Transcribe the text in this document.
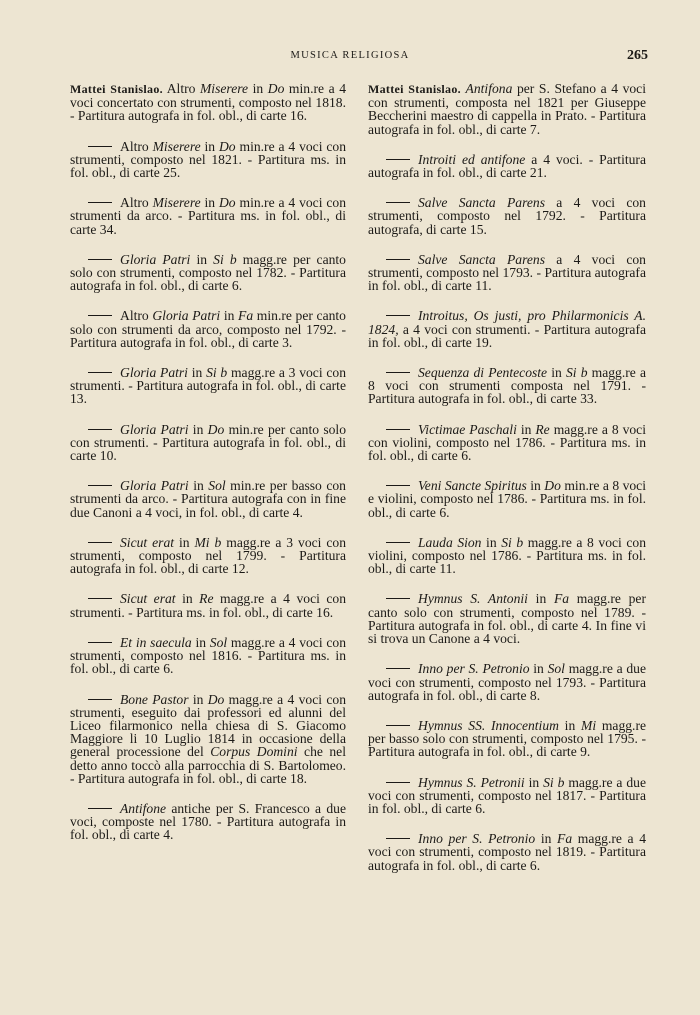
MUSICA RELIGIOSA	265

Mattei Stanislao. Altro Miserere in Do min.re a 4 voci concertato con strumenti, composto nel 1818. - Partitura autografa in fol. obl., di carte 16.

Altro Miserere in Do min.re a 4 voci con strumenti, composto nel 1821. - Partitura ms. in fol. obl., di carte 25.

Altro Miserere in Do min.re a 4 voci con strumenti da arco. - Partitura ms. in fol. obl., di carte 34.

Gloria Patri in Si b magg.re per canto solo con strumenti, composto nel 1782. - Partitura autografa in fol. obl., di carte 6.

Altro Gloria Patri in Fa min.re per canto solo con strumenti da arco, composto nel 1792. - Partitura autografa in fol. obl., di carte 3.

Gloria Patri in Si b magg.re a 3 voci con strumenti. - Partitura autografa in fol. obl., di carte 13.

Gloria Patri in Do min.re per canto solo con strumenti. - Partitura autografa in fol. obl., di carte 10.

Gloria Patri in Sol min.re per basso con strumenti da arco. - Partitura autografa con in fine due Canoni a 4 voci, in fol. obl., di carte 4.

Sicut erat in Mi b magg.re a 3 voci con strumenti, composto nel 1799. - Partitura autografa in fol. obl., di carte 12.

Sicut erat in Re magg.re a 4 voci con strumenti. - Partitura ms. in fol. obl., di carte 16.

Et in saecula in Sol magg.re a 4 voci con strumenti, composto nel 1816. - Partitura ms. in fol. obl., di carte 6.

Bone Pastor in Do magg.re a 4 voci con strumenti, eseguito dai professori ed alunni del Liceo filarmonico nella chiesa di S. Giacomo Maggiore li 10 Luglio 1814 in occasione della general processione del Corpus Domini che nel detto anno toccò alla parrocchia di S. Bartolomeo. - Partitura autografa in fol. obl., di carte 18.

Antifone antiche per S. Francesco a due voci, composte nel 1780. - Partitura autografa in fol. obl., di carte 4.

Mattei Stanislao. Antifona per S. Stefano a 4 voci con strumenti, composta nel 1821 per Giuseppe Beccherini maestro di cappella in Prato. - Partitura autografa in fol. obl., di carte 7.

Introiti ed antifone a 4 voci. - Partitura autografa in fol. obl., di carte 21.

Salve Sancta Parens a 4 voci con strumenti, composto nel 1792. - Partitura autografa, di carte 15.

Salve Sancta Parens a 4 voci con strumenti, composto nel 1793. - Partitura autografa in fol. obl., di carte 11.

Introitus, Os justi, pro Philarmonicis A. 1824, a 4 voci con strumenti. - Partitura autografa in fol. obl., di carte 19.

Sequenza di Pentecoste in Si b magg.re a 8 voci con strumenti composta nel 1791. - Partitura autografa in fol. obl., di carte 33.

Victimae Paschali in Re magg.re a 8 voci con violini, composto nel 1786. - Partitura ms. in fol. obl., di carte 6.

Veni Sancte Spiritus in Do min.re a 8 voci e violini, composto nel 1786. - Partitura ms. in fol. obl., di carte 6.

Lauda Sion in Si b magg.re a 8 voci con violini, composto nel 1786. - Partitura ms. in fol. obl., di carte 11.

Hymnus S. Antonii in Fa magg.re per canto solo con strumenti, composto nel 1789. - Partitura autografa in fol. obl., di carte 4. In fine vi si trova un Canone a 4 voci.

Inno per S. Petronio in Sol magg.re a due voci con strumenti, composto nel 1793. - Partitura autografa in fol. obl., di carte 8.

Hymnus SS. Innocentium in Mi magg.re per basso solo con strumenti, composto nel 1795. - Partitura autografa in fol. obl., di carte 9.

Hymnus S. Petronii in Si b magg.re a due voci con strumenti, composto nel 1817. - Partitura in fol. obl., di carte 6.

Inno per S. Petronio in Fa magg.re a 4 voci con strumenti, composto nel 1819. - Partitura autografa in fol. obl., di carte 6.
